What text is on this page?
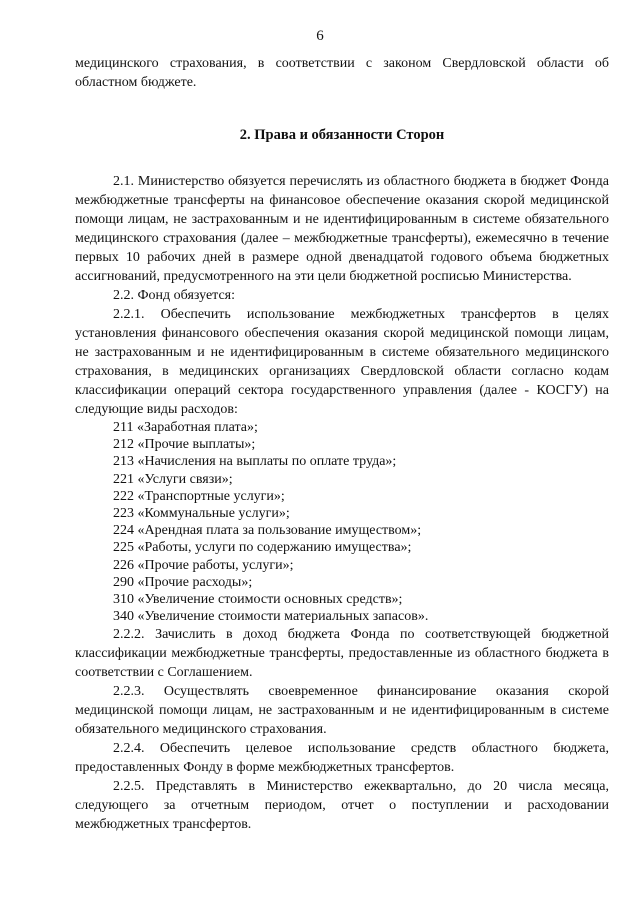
6

медицинского страхования, в соответствии с законом Свердловской области об областном бюджете.

2. Права и обязанности Сторон

2.1. Министерство обязуется перечислять из областного бюджета в бюджет Фонда межбюджетные трансферты на финансовое обеспечение оказания скорой медицинской помощи лицам, не застрахованным и не идентифицированным в системе обязательного медицинского страхования (далее – межбюджетные трансферты), ежемесячно в течение первых 10 рабочих дней в размере одной двенадцатой годового объема бюджетных ассигнований, предусмотренного на эти цели бюджетной росписью Министерства.

2.2. Фонд обязуется:

2.2.1. Обеспечить использование межбюджетных трансфертов в целях установления финансового обеспечения оказания скорой медицинской помощи лицам, не застрахованным и не идентифицированным в системе обязательного медицинского страхования, в медицинских организациях Свердловской области согласно кодам классификации операций сектора государственного управления (далее - КОСГУ) на следующие виды расходов:

211 «Заработная плата»;
212 «Прочие выплаты»;
213 «Начисления на выплаты по оплате труда»;
221 «Услуги связи»;
222 «Транспортные услуги»;
223 «Коммунальные услуги»;
224 «Арендная плата за пользование имуществом»;
225 «Работы, услуги по содержанию имущества»;
226 «Прочие работы, услуги»;
290 «Прочие расходы»;
310 «Увеличение стоимости основных средств»;
340 «Увеличение стоимости материальных запасов».

2.2.2. Зачислить в доход бюджета Фонда по соответствующей бюджетной классификации межбюджетные трансферты, предоставленные из областного бюджета в соответствии с Соглашением.

2.2.3. Осуществлять своевременное финансирование оказания скорой медицинской помощи лицам, не застрахованным и не идентифицированным в системе обязательного медицинского страхования.

2.2.4. Обеспечить целевое использование средств областного бюджета, предоставленных Фонду в форме межбюджетных трансфертов.

2.2.5. Представлять в Министерство ежеквартально, до 20 числа месяца, следующего за отчетным периодом, отчет о поступлении и расходовании межбюджетных трансфертов.
